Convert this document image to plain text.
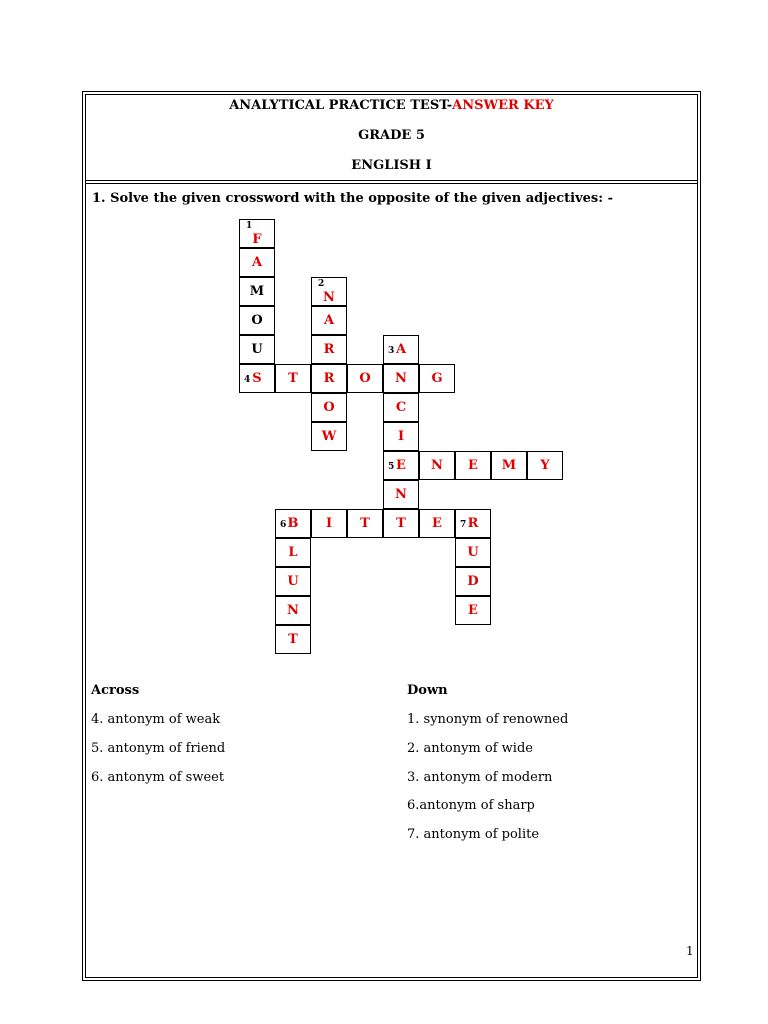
ANALYTICAL PRACTICE TEST-ANSWER KEY
GRADE 5
ENGLISH I
1. Solve the given crossword with the opposite of the given adjectives: -
1
F
A
M
O
U
4 S	T	R	O	N	G
2
N
A
R
O
W
3 A
C
I
5 E	N	E	M	Y
N
6 B	I	T	T	E	7 R
L
U
N
T
U
D
E
Across
4. antonym of weak
5. antonym of friend
6. antonym of sweet
Down
1. synonym of renowned
2. antonym of wide
3. antonym of modern
6.antonym of sharp
7. antonym of polite
1
